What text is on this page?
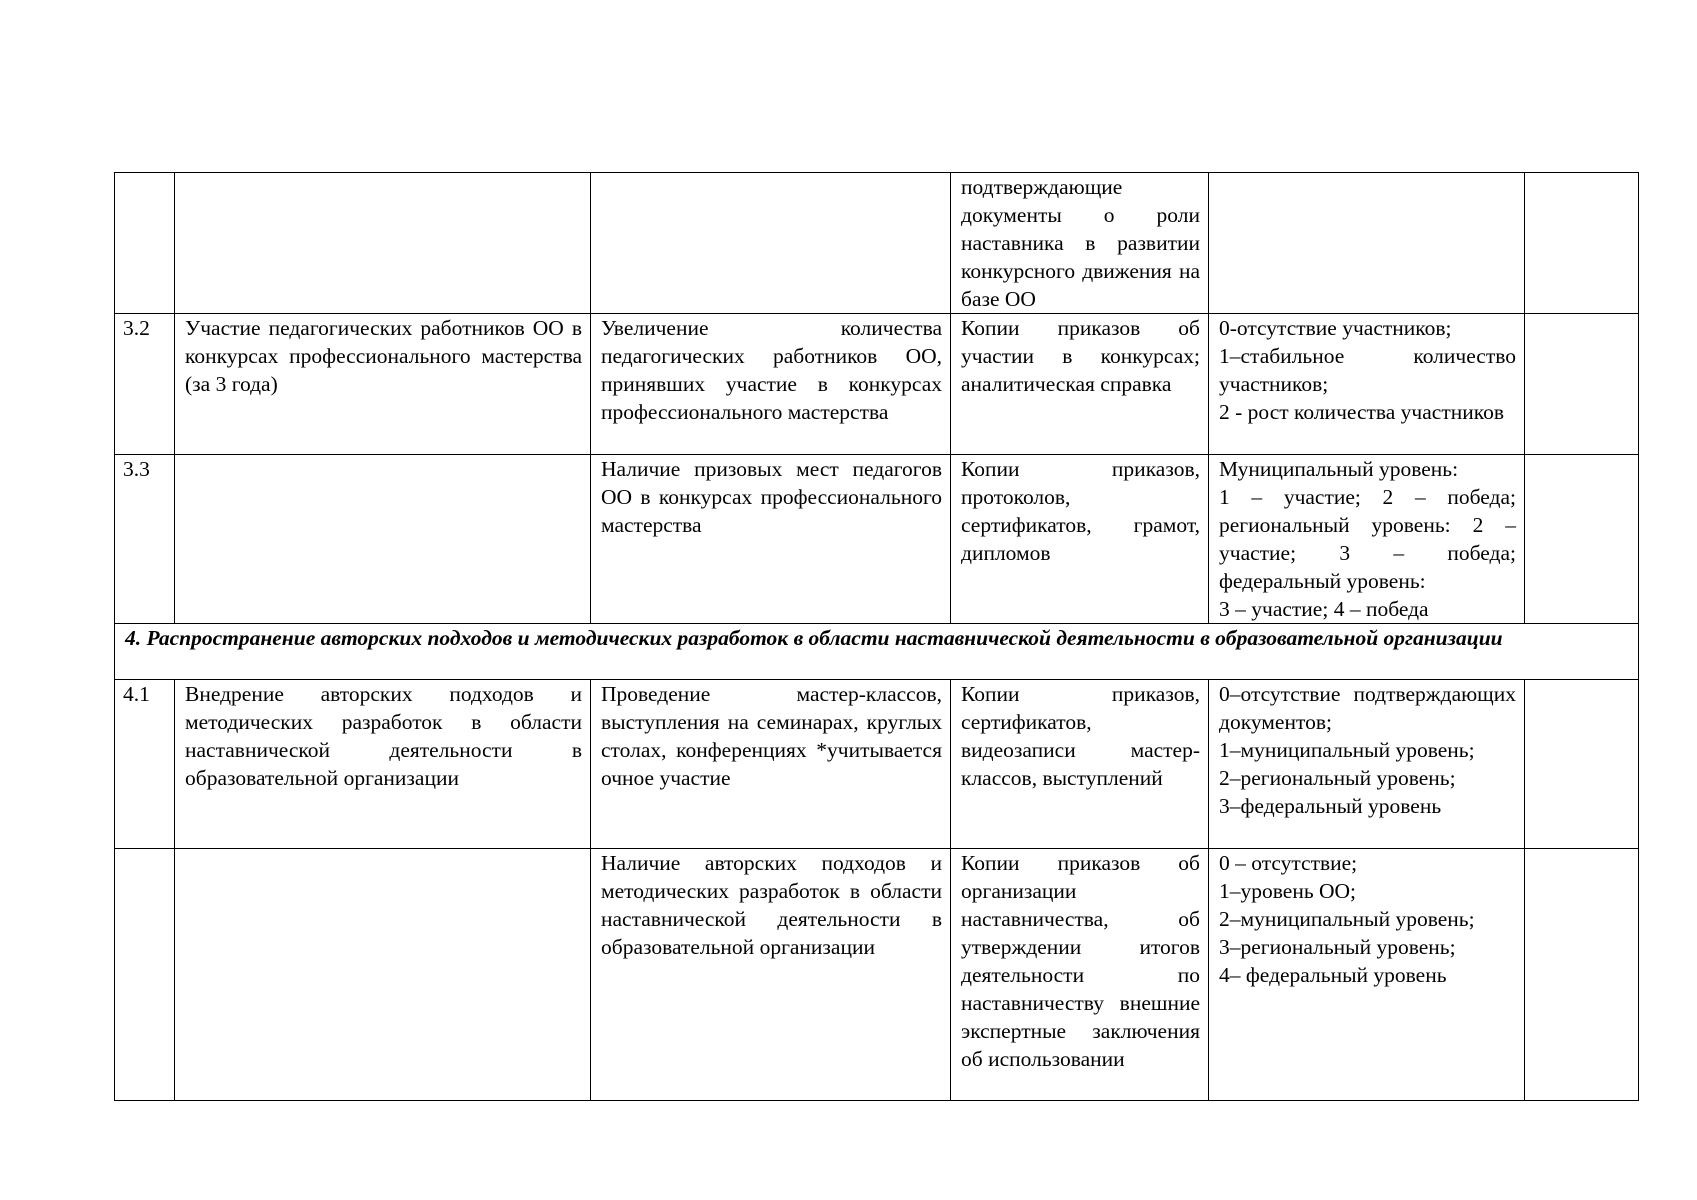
			подтверждающие документы о роли наставника в развитии конкурсного движения на базе ОО		
3.2	Участие педагогических работников ОО в конкурсах профессионального мастерства (за 3 года)	Увеличение количества педагогических работников ОО, принявших участие в конкурсах профессионального мастерства	Копии приказов об участии в конкурсах; аналитическая справка	0-отсутствие участников;
1–стабильное количество участников;
2 - рост количества участников	

3.3		Наличие призовых мест педагогов ОО в конкурсах профессионального мастерства	Копии приказов, протоколов, сертификатов, грамот, дипломов	Муниципальный уровень:
1 – участие; 2 – победа; региональный уровень: 2 – участие; 3 – победа; федеральный уровень:
3 – участие; 4 – победа	

4. Распространение авторских подходов и методических разработок в области наставнической деятельности в образовательной организации					
4.1	Внедрение авторских подходов и методических разработок в области наставнической деятельности в образовательной организации	Проведение мастер-классов, выступления на семинарах, круглых столах, конференциях *учитывается очное участие	Копии приказов, сертификатов, видеозаписи мастер-классов, выступлений	0–отсутствие подтверждающих документов;
1–муниципальный уровень;
2–региональный уровень;
3–федеральный уровень	

		Наличие авторских подходов и методических разработок в области наставнической деятельности в образовательной организации	Копии приказов об организации наставничества, об утверждении итогов деятельности по наставничеству внешние экспертные заключения об использовании	0 – отсутствие;
1–уровень ОО;
2–муниципальный уровень;
3–региональный уровень;
4– федеральный уровень	
